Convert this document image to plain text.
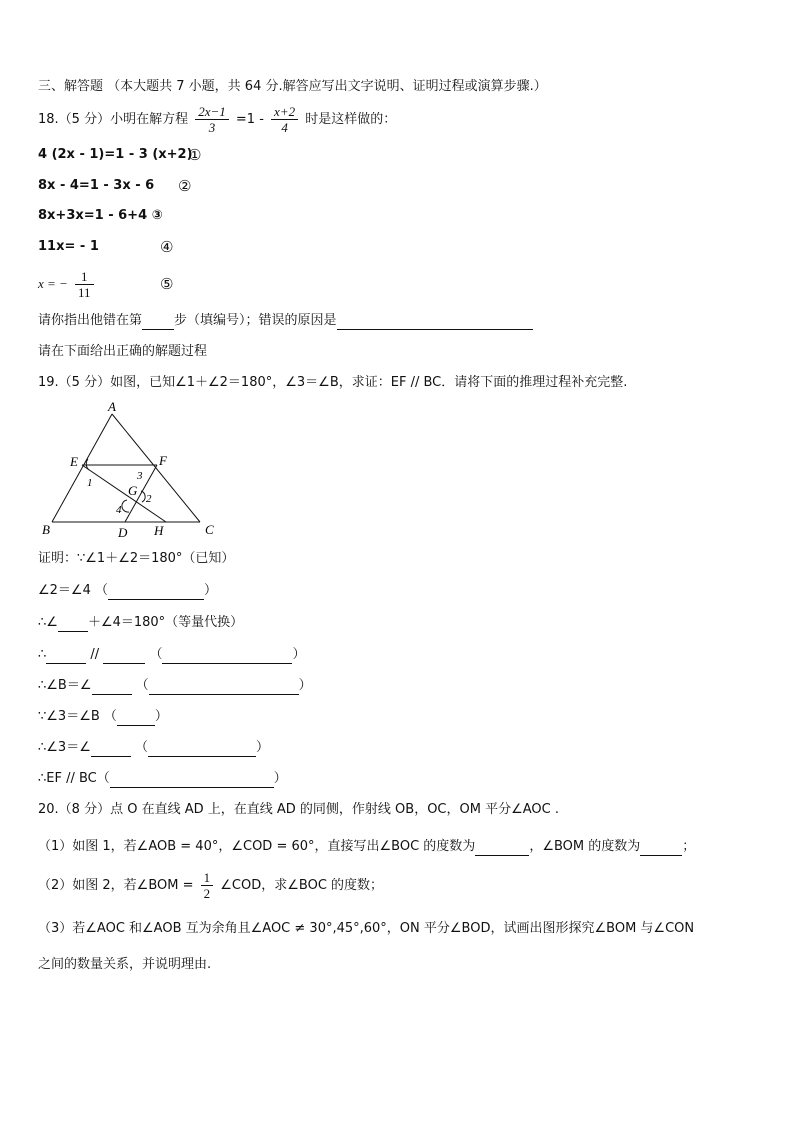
三、解答题 （本大题共 7 小题，共 64 分.解答应写出文字说明、证明过程或演算步骤.）
18.（5 分）小明在解方程 $\frac{2x-1}{3} =1 - \frac{x+2}{4}$ 时是这样做的：
4 (2x - 1)=1 - 3 (x+2)
①
8x - 4=1 - 3x - 6 ②
8x+3x=1 - 6+4 ③
11x= - 1	④
x = − $\frac{1}{11}$	⑤
请你指出他错在第 步（填编号）；错误的原因是
请在下面给出正确的解题过程
19.（5 分）如图，已知∠1＋∠2＝180°，∠3＝∠B，求证：EF // BC．请将下面的推理过程补充完整.
A
E	F
G
B	D H	C
1
2
3
4
证明：∵∠1＋∠2＝180°（已知）
∠2＝∠4 （	）
∴∠ ＋∠4＝180°（等量代换）
∴	//	（	）
∴∠B＝∠	（	）
∵∠3＝∠B （	）
∴∠3＝∠	（	）
∴EF // BC（	）
20.（8 分）点 O 在直线 AD 上，在直线 AD 的同侧，作射线 OB，OC，OM 平分∠AOC .
（1）如图 1，若∠AOB = 40°，∠COD = 60°，直接写出∠BOC 的度数为	，∠BOM 的度数为	；
（2）如图 2，若∠BOM = $\frac{1}{2}$ ∠COD，求∠BOC 的度数；
（3）若∠AOC 和∠AOB 互为余角且∠AOC ≠ 30°,45°,60°，ON 平分∠BOD，试画出图形探究∠BOM 与∠CON
之间的数量关系，并说明理由.
